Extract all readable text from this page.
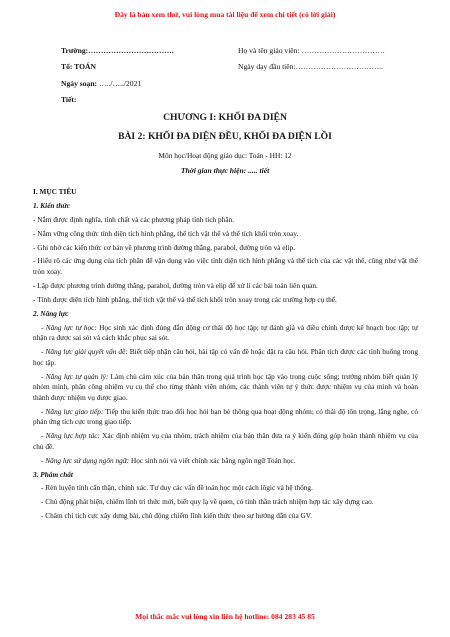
Đây là bản xem thử, vui lòng mua tài liệu để xem chi tiết (có lời giải)
Trường:…………………………….	Họ và tên giáo viên: ……………………………
Tổ: TOÁN	Ngày dạy đầu tiên:……………………………..
Ngày soạn: …../…../2021
Tiết:
CHƯƠNG I: KHỐI ĐA DIỆN
BÀI 2: KHỐI ĐA DIỆN ĐỀU, KHỐI ĐA DIỆN LỒI
Môn học/Hoạt động giáo dục: Toán - HH: 12
Thời gian thực hiện: ..... tiết

I. MỤC TIÊU

1. Kiến thức

- Nắm được định nghĩa, tính chất và các phương pháp tính tích phân.

- Nắm vững công thức tính diện tích hình phẳng, thể tích vật thể và thể tích khối tròn xoay.

- Ghi nhớ các kiến thức cơ bản về phương trình đường thẳng, parabol, đường tròn và elip.

- Hiểu rõ các ứng dụng của tích phân để vận dụng vào việc tính diện tích hình phẳng và thể tích của các vật thể, cũng như vật thể tròn xoay.

- Lập được phương trình đường thẳng, parabol, đường tròn và elip để xử lí các bài toán liên quan.

- Tính được diện tích hình phẳng, thể tích vật thể và thể tích khối tròn xoay trong các trường hợp cụ thể.

2. Năng lực

- Năng lực tự học: Học sinh xác định đúng đắn động cơ thái độ học tập; tự đánh giá và điều chỉnh được kế hoạch học tập; tự nhận ra được sai sót và cách khắc phục sai sót.

- Năng lực giải quyết vấn đề: Biết tiếp nhận câu hỏi, bài tập có vấn đề hoặc đặt ra câu hỏi. Phân tích được các tình huống trong học tập.

- Năng lực tự quản lý: Làm chủ cảm xúc của bản thân trong quá trình học tập vào trong cuộc sống; trưởng nhóm biết quản lý nhóm mình, phân công nhiệm vụ cụ thể cho từng thành viên nhóm, các thành viên tự ý thức được nhiệm vụ của mình và hoàn thành được nhiệm vụ được giao.

- Năng lực giao tiếp: Tiếp thu kiến thức trao đổi học hỏi bạn bè thông qua hoạt động nhóm; có thái độ tôn trọng, lắng nghe, có phản ứng tích cực trong giao tiếp.

- Năng lực hợp tác: Xác định nhiệm vụ của nhóm, trách nhiệm của bản thân đưa ra ý kiến đóng góp hoàn thành nhiệm vụ của chủ đề.

- Năng lực sử dụng ngôn ngữ: Học sinh nói và viết chính xác bằng ngôn ngữ Toán học.

3. Phẩm chất

- Rèn luyện tính cẩn thận, chính xác. Tư duy các vấn đề toán học một cách lôgic và hệ thống.

- Chủ động phát hiện, chiếm lĩnh tri thức mới, biết quy lạ về quen, có tinh thần trách nhiệm hợp tác xây dựng cao.

- Chăm chỉ tích cực xây dựng bài, chủ động chiếm lĩnh kiến thức theo sự hướng dẫn của GV.

Mọi thắc mắc vui lòng xin liên hệ hotline: 084 283 45 85
